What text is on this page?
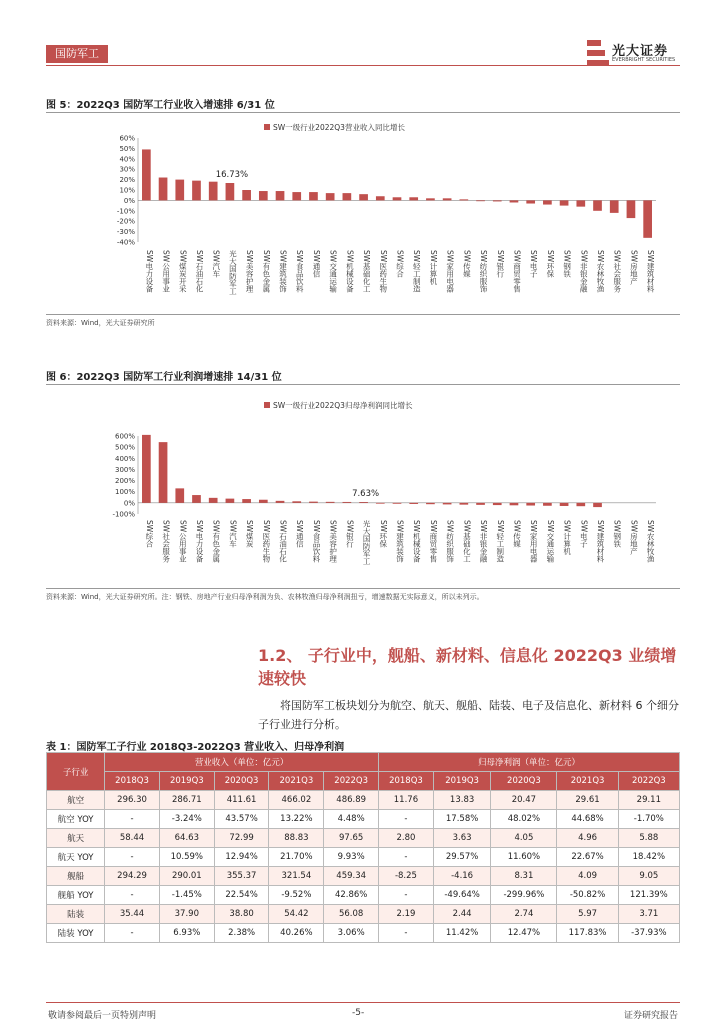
国防军工	光大证券
EVERBRIGHT SECURITIES
图 5：2022Q3 国防军工行业收入增速排 6/31 位
SW一级行业2022Q3营业收入同比增长
60%
50%
40%
30%
20%
10%
0%
-10%
-20%
-30%
-40%
SW电力设备 SW公用事业 SW煤炭开采 SW石油石化 SW汽车
16.73%
光大国防军工 SW美容护理 SW有色金属 SW建筑装饰 SW食品饮料 SW通信 SW交通运输 SW机械设备 SW基础化工 SW医药生物 SW综合 SW轻工制造 SW计算机 SW家用电器 SW传媒 SW纺织服饰 SW银行 SW商贸零售 SW电子 SW环保 SW钢铁 SW非银金融 SW农林牧渔 SW社会服务 SW房地产 SW建筑材料
资料来源：Wind，光大证券研究所
图 6：2022Q3 国防军工行业利润增速排 14/31 位
SW一级行业2022Q3归母净利润同比增长
600%
500%
400%
300%
200%
100%
0%
-100%
SW综合 SW社会服务 SW公用事业 SW电力设备 SW有色金属 SW汽车 SW煤炭 SW医药生物 SW石油石化 SW通信 SW食品饮料 SW美容护理 SW银行
7.63%
光大国防军工 SW环保 SW建筑装饰 SW机械设备 SW商贸零售 SW纺织服饰 SW基础化工 SW非银金融 SW轻工制造 SW传媒 SW家用电器 SW交通运输 SW计算机 SW电子 SW建筑材料 SW钢铁 SW房地产 SW农林牧渔
资料来源：Wind，光大证券研究所。注：钢铁、房地产行业归母净利润为负、农林牧渔归母净利润扭亏，增速数据无实际意义，所以未列示。
1.2、 子行业中，舰船、新材料、信息化 2022Q3 业绩增速较快
将国防军工板块划分为航空、航天、舰船、陆装、电子及信息化、新材料 6 个细分子行业进行分析。
表 1：国防军工子行业 2018Q3-2022Q3 营业收入、归母净利润
子行业	营业收入（单位：亿元）					归母净利润（单位：亿元）				
	2018Q3	2019Q3	2020Q3	2021Q3	2022Q3	2018Q3	2019Q3	2020Q3	2021Q3	2022Q3
航空	296.30	286.71	411.61	466.02	486.89	11.76	13.83	20.47	29.61	29.11
航空 YOY	-	-3.24%	43.57%	13.22%	4.48%	-	17.58%	48.02%	44.68%	-1.70%
航天	58.44	64.63	72.99	88.83	97.65	2.80	3.63	4.05	4.96	5.88
航天 YOY	-	10.59%	12.94%	21.70%	9.93%	-	29.57%	11.60%	22.67%	18.42%
舰船	294.29	290.01	355.37	321.54	459.34	-8.25	-4.16	8.31	4.09	9.05
舰船 YOY	-	-1.45%	22.54%	-9.52%	42.86%	-	-49.64%	-299.96%	-50.82%	121.39%
陆装	35.44	37.90	38.80	54.42	56.08	2.19	2.44	2.74	5.97	3.71
陆装 YOY	-	6.93%	2.38%	40.26%	3.06%	-	11.42%	12.47%	117.83%	-37.93%
敬请参阅最后一页特别声明	-5-	证券研究报告
